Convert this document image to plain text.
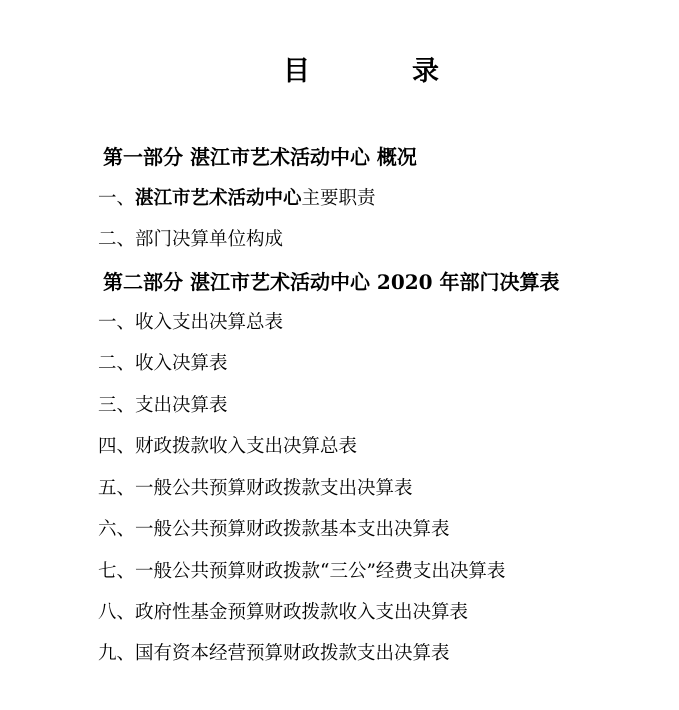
目	录
第一部分 湛江市艺术活动中心 概况
一、湛江市艺术活动中心主要职责
二、部门决算单位构成
第二部分 湛江市艺术活动中心 2020 年部门决算表
一、收入支出决算总表
二、收入决算表
三、支出决算表
四、财政拨款收入支出决算总表
五、一般公共预算财政拨款支出决算表
六、一般公共预算财政拨款基本支出决算表
七、一般公共预算财政拨款“三公”经费支出决算表
八、政府性基金预算财政拨款收入支出决算表
九、国有资本经营预算财政拨款支出决算表
